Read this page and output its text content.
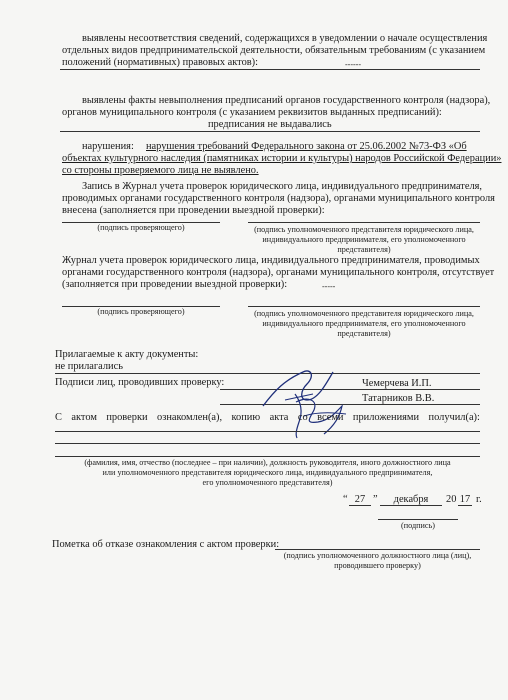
выявлены несоответствия сведений, содержащихся в уведомлении о начале осуществления
отдельных видов предпринимательской деятельности, обязательным требованиям (с указанием
положений (нормативных) правовых актов):	------
выявлены факты невыполнения предписаний органов государственного контроля (надзора),
органов муниципального контроля (с указанием реквизитов выданных предписаний):
предписания не выдавались
нарушения: нарушения требований Федерального закона от 25.06.2002 №73-ФЗ «Об
объектах культурного наследия (памятниках истории и культуры) народов Российской Федерации»
со стороны проверяемого лица не выявлено.
Запись в Журнал учета проверок юридического лица, индивидуального предпринимателя,
проводимых органами государственного контроля (надзора), органами муниципального контроля
внесена (заполняется при проведении выездной проверки):
(подпись проверяющего)	(подпись уполномоченного представителя юридического лица,
индивидуального предпринимателя, его уполномоченного
представителя)
Журнал учета проверок юридического лица, индивидуального предпринимателя, проводимых
органами государственного контроля (надзора), органами муниципального контроля, отсутствует
(заполняется при проведении выездной проверки):	-----
(подпись проверяющего)	(подпись уполномоченного представителя юридического лица,
индивидуального предпринимателя, его уполномоченного
представителя)
Прилагаемые к акту документы:
не прилагались
Подписи лиц, проводивших проверку:	Чемерчева И.П.
Татарников В.В.
С актом проверки ознакомлен(а), копию акта со всеми приложениями получил(а):
(фамилия, имя, отчество (последнее – при наличии), должность руководителя, иного должностного лица
или уполномоченного представителя юридического лица, индивидуального предпринимателя,
его уполномоченного представителя)
“ 27 ”	декабря	20 17 г.
(подпись)
Пометка об отказе ознакомления с актом проверки:
(подпись уполномоченного должностного лица (лиц),
проводившего проверку)
